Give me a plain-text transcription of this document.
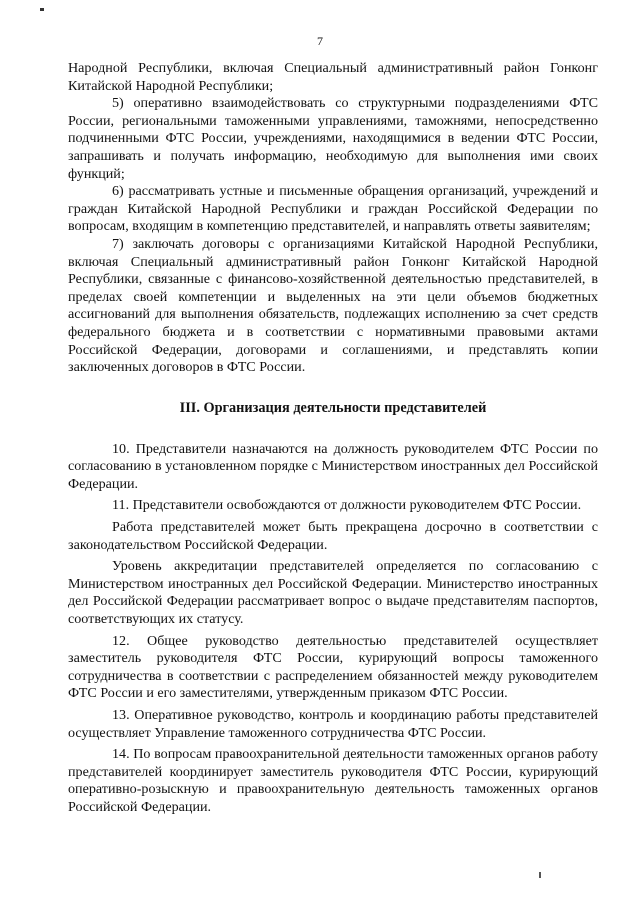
7

Народной Республики, включая Специальный административный район Гонконг Китайской Народной Республики;

5) оперативно взаимодействовать со структурными подразделениями ФТС России, региональными таможенными управлениями, таможнями, непосредственно подчиненными ФТС России, учреждениями, находящимися в ведении ФТС России, запрашивать и получать информацию, необходимую для выполнения ими своих функций;

6) рассматривать устные и письменные обращения организаций, учреждений и граждан Китайской Народной Республики и граждан Российской Федерации по вопросам, входящим в компетенцию представителей, и направлять ответы заявителям;

7) заключать договоры с организациями Китайской Народной Республики, включая Специальный административный район Гонконг Китайской Народной Республики, связанные с финансово-хозяйственной деятельностью представителей, в пределах своей компетенции и выделенных на эти цели объемов бюджетных ассигнований для выполнения обязательств, подлежащих исполнению за счет средств федерального бюджета и в соответствии с нормативными правовыми актами Российской Федерации, договорами и соглашениями, и представлять копии заключенных договоров в ФТС России.

III. Организация деятельности представителей

10. Представители назначаются на должность руководителем ФТС России по согласованию в установленном порядке с Министерством иностранных дел Российской Федерации.

11. Представители освобождаются от должности руководителем ФТС России.

Работа представителей может быть прекращена досрочно в соответствии с законодательством Российской Федерации.

Уровень аккредитации представителей определяется по согласованию с Министерством иностранных дел Российской Федерации. Министерство иностранных дел Российской Федерации рассматривает вопрос о выдаче представителям паспортов, соответствующих их статусу.

12. Общее руководство деятельностью представителей осуществляет заместитель руководителя ФТС России, курирующий вопросы таможенного сотрудничества в соответствии с распределением обязанностей между руководителем ФТС России и его заместителями, утвержденным приказом ФТС России.

13. Оперативное руководство, контроль и координацию работы представителей осуществляет Управление таможенного сотрудничества ФТС России.

14. По вопросам правоохранительной деятельности таможенных органов работу представителей координирует заместитель руководителя ФТС России, курирующий оперативно-розыскную и правоохранительную деятельность таможенных органов Российской Федерации.
